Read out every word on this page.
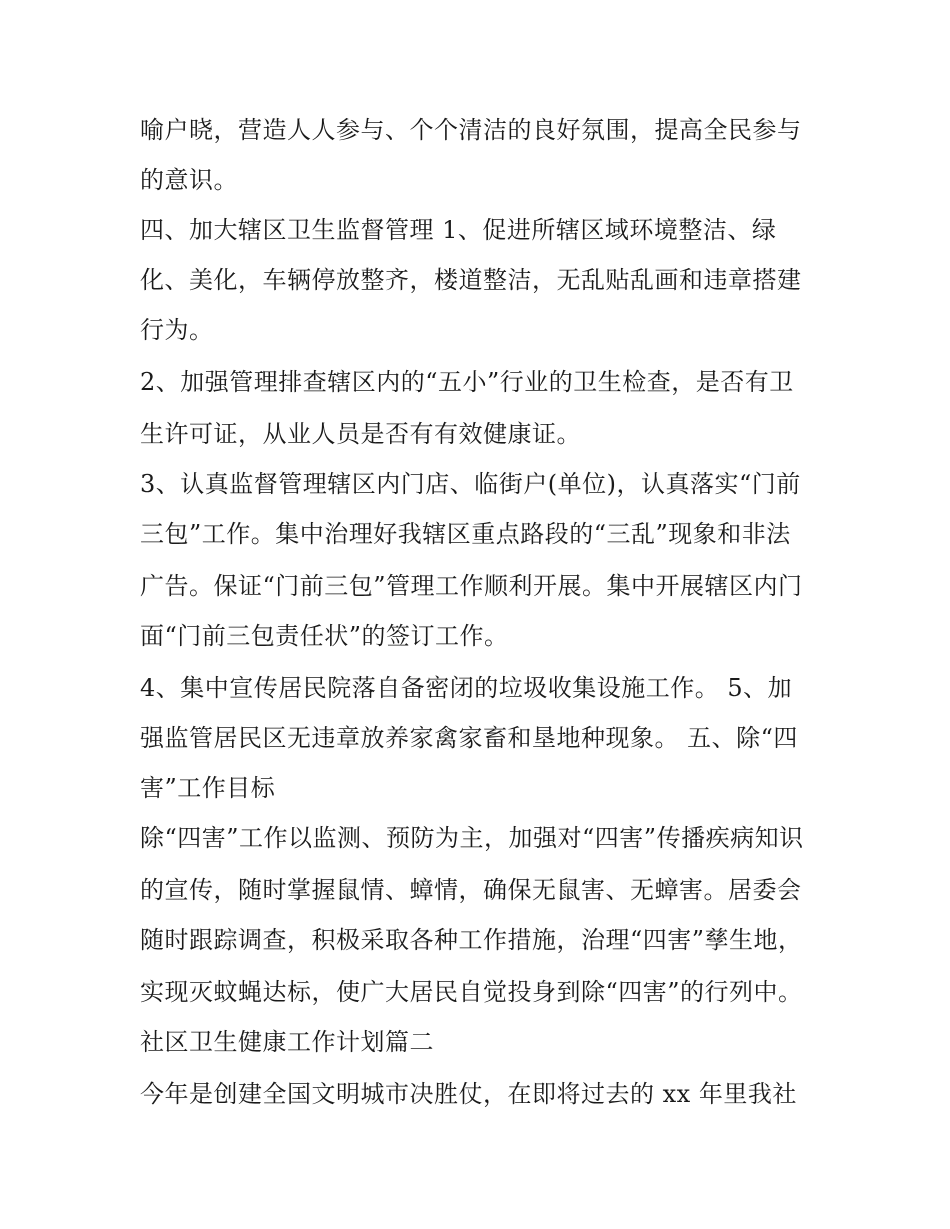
喻户晓，营造人人参与、个个清洁的良好氛围，提高全民参与

的意识。

四、加大辖区卫生监督管理 1、促进所辖区域环境整洁、绿

化、美化，车辆停放整齐，楼道整洁，无乱贴乱画和违章搭建

行为。

2、加强管理排查辖区内的“五小”行业的卫生检查，是否有卫

生许可证，从业人员是否有有效健康证。

3、认真监督管理辖区内门店、临街户(单位)，认真落实“门前

三包”工作。集中治理好我辖区重点路段的“三乱”现象和非法

广告。保证“门前三包”管理工作顺利开展。集中开展辖区内门

面“门前三包责任状”的签订工作。

4、集中宣传居民院落自备密闭的垃圾收集设施工作。 5、加

强监管居民区无违章放养家禽家畜和垦地种现象。 五、除“四

害”工作目标

除“四害”工作以监测、预防为主，加强对“四害”传播疾病知识

的宣传，随时掌握鼠情、蟑情，确保无鼠害、无蟑害。居委会

随时跟踪调查，积极采取各种工作措施，治理“四害”孳生地，

实现灭蚊蝇达标，使广大居民自觉投身到除“四害”的行列中。

社区卫生健康工作计划篇二

今年是创建全国文明城市决胜仗，在即将过去的 xx 年里我社
